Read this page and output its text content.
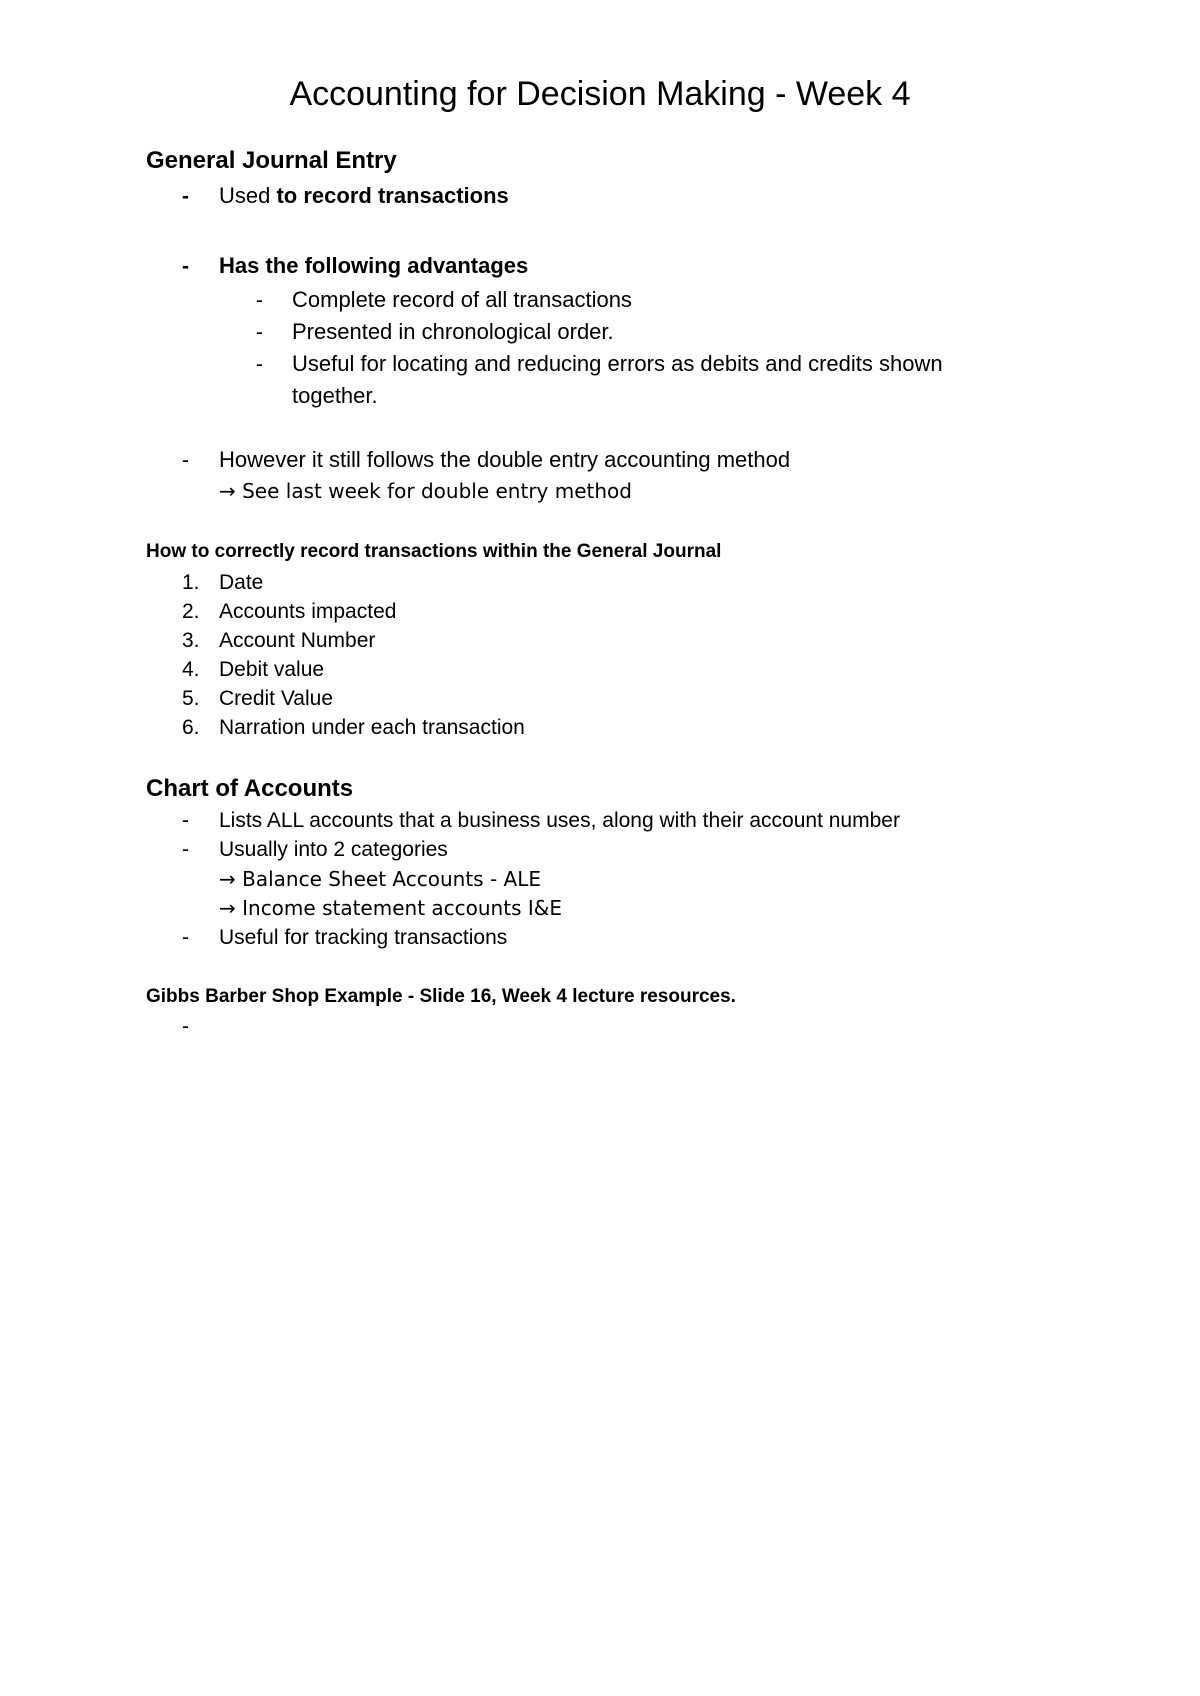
Accounting for Decision Making - Week 4
General Journal Entry
- Used to record transactions
- Has the following advantages
- Complete record of all transactions
- Presented in chronological order.
- Useful for locating and reducing errors as debits and credits shown
together.
- However it still follows the double entry accounting method
→ See last week for double entry method
How to correctly record transactions within the General Journal
1. Date
2. Accounts impacted
3. Account Number
4. Debit value
5. Credit Value
6. Narration under each transaction
Chart of Accounts
- Lists ALL accounts that a business uses, along with their account number
- Usually into 2 categories
→ Balance Sheet Accounts - ALE
→ Income statement accounts I&E
- Useful for tracking transactions
Gibbs Barber Shop Example - Slide 16, Week 4 lecture resources.
-
